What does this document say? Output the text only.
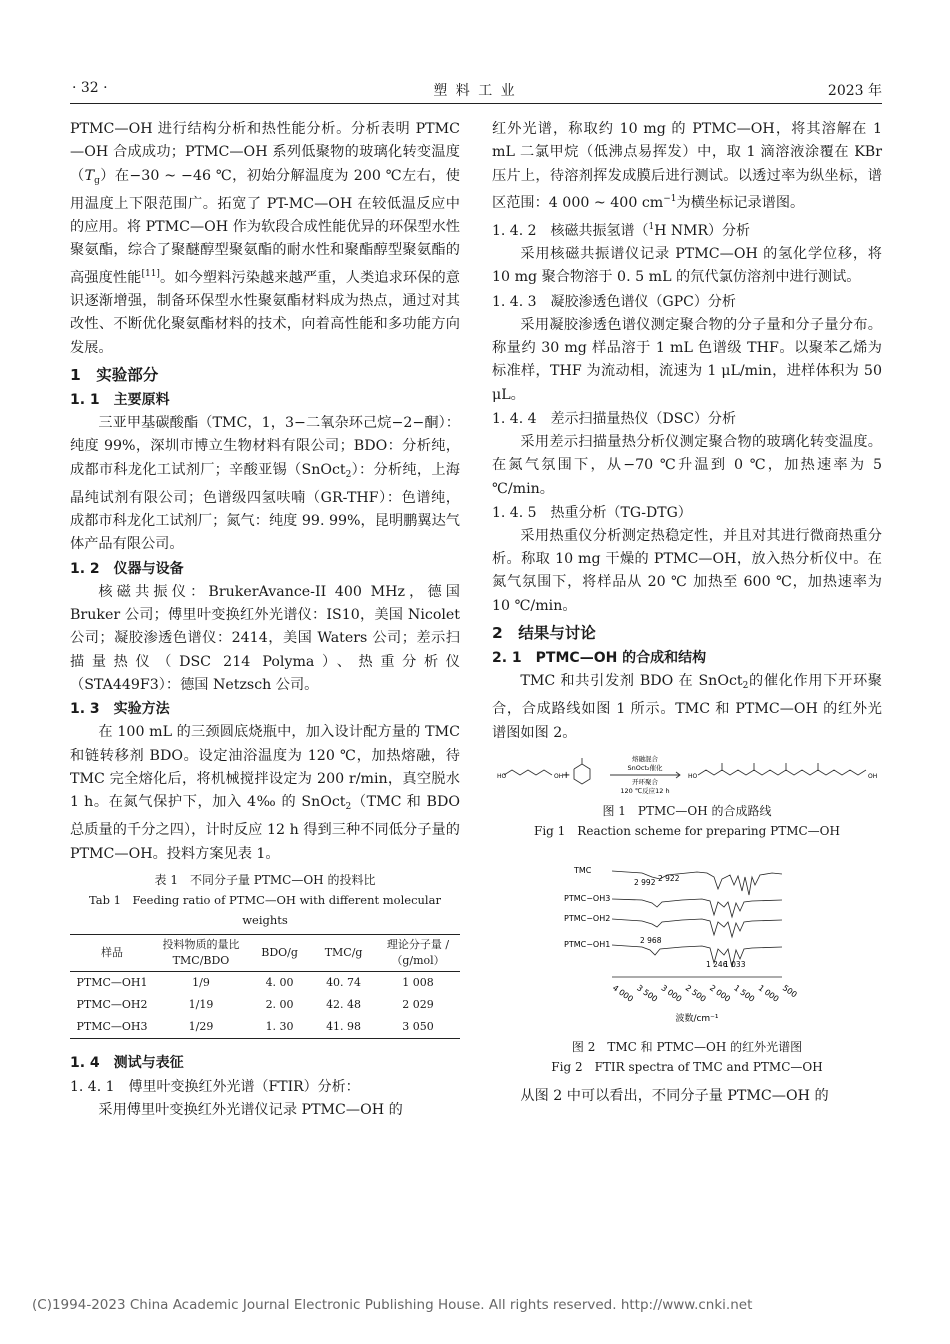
· 32 ·	塑 料 工 业	2023 年

PTMC—OH 进行结构分析和热性能分析。分析表明 PTMC—OH 合成成功；PTMC—OH 系列低聚物的玻璃化转变温度$(T_g)$在−30 ~ −46 ℃，初始分解温度为 200 ℃左右，使用温度上下限范围广。拓宽了 PT-MC—OH 在较低温反应中的应用。将 PTMC—OH 作为软段合成性能优异的环保型水性聚氨酯，综合了聚醚醇型聚氨酯的耐水性和聚酯醇型聚氨酯的高强度性能[11]。如今塑料污染越来越严重，人类追求环保的意识逐渐增强，制备环保型水性聚氨酯材料成为热点，通过对其改性、不断优化聚氨酯材料的技术，向着高性能和多功能方向发展。

1　实验部分
1. 1　主要原料

三亚甲基碳酸酯（TMC，1，3−二氧杂环己烷−2−酮）：纯度 99%，深圳市博立生物材料有限公司；BDO：分析纯，成都市科龙化工试剂厂；辛酸亚锡（SnOct$_2$）：分析纯，上海晶纯试剂有限公司；色谱级四氢呋喃（GR-THF）：色谱纯，成都市科龙化工试剂厂；氮气：纯度 99. 99%，昆明鹏翼达气体产品有限公司。

1. 2　仪器与设备

核磁共振仪：BrukerAvance-II 400 MHz，德国 Bruker 公司；傅里叶变换红外光谱仪：IS10，美国 Nicolet 公司；凝胶渗透色谱仪：2414，美国 Waters 公司；差示扫描量热仪（DSC 214 Polyma）、热重分析仪（STA449F3）：德国 Netzsch 公司。

1. 3　实验方法

在 100 mL 的三颈圆底烧瓶中，加入设计配方量的 TMC 和链转移剂 BDO。设定油浴温度为 120 ℃，加热熔融，待 TMC 完全熔化后，将机械搅拌设定为 200 r/min，真空脱水 1 h。在氮气保护下，加入 4‰ 的 SnOct$_2$（TMC 和 BDO 总质量的千分之四），计时反应 12 h 得到三种不同低分子量的 PTMC—OH。投料方案见表 1。

表 1　不同分子量 PTMC—OH 的投料比
Tab 1　Feeding ratio of PTMC—OH with different molecular weights
样品	投料物质的量比 TMC/BDO	BDO/g	TMC/g	理论分子量 /（g/mol）
PTMC—OH1	1/9	4. 00	40. 74	1 008
PTMC—OH2	1/19	2. 00	42. 48	2 029
PTMC—OH3	1/29	1. 30	41. 98	3 050
1. 4　测试与表征
1. 4. 1　傅里叶变换红外光谱（FTIR）分析：

采用傅里叶变换红外光谱仪记录 PTMC—OH 的

红外光谱，称取约 10 mg 的 PTMC—OH，将其溶解在 1 mL 二氯甲烷（低沸点易挥发）中，取 1 滴溶液涂覆在 KBr 压片上，待溶剂挥发成膜后进行测试。以透过率为纵坐标，谱区范围：4 000 ~ 400 $cm^{-1}$为横坐标记录谱图。

1. 4. 2　核磁共振氢谱（$^1$H NMR）分析

采用核磁共振谱仪记录 PTMC—OH 的氢化学位移，将 10 mg 聚合物溶于 0. 5 mL 的氘代氯仿溶剂中进行测试。

1. 4. 3　凝胶渗透色谱仪（GPC）分析

采用凝胶渗透色谱仪测定聚合物的分子量和分子量分布。称量约 30 mg 样品溶于 1 mL 色谱级 THF。以聚苯乙烯为标准样，THF 为流动相，流速为 1 μL/min，进样体积为 50 μL。

1. 4. 4　差示扫描量热仪（DSC）分析

采用差示扫描量热分析仪测定聚合物的玻璃化转变温度。在氮气氛围下，从−70 ℃升温到 0 ℃，加热速率为 5 ℃/min。

1. 4. 5　热重分析（TG-DTG）

采用热重仪分析测定热稳定性，并且对其进行微商热重分析。称取 10 mg 干燥的 PTMC—OH，放入热分析仪中。在氮气氛围下，将样品从 20 ℃ 加热至 600 ℃，加热速率为 10 ℃/min。

2　结果与讨论
2. 1　PTMC—OH 的合成和结构

TMC 和共引发剂 BDO 在 SnOct$_2$的催化作用下开环聚合，合成路线如图 1 所示。TMC 和 PTMC—OH 的红外光谱图如图 2。

HO	OH
+
熔融混合
SnOct₂催化
开环聚合
120 ℃反应12 h
HO	OH
图 1　PTMC—OH 的合成路线
Fig 1　Reaction scheme for preparing PTMC—OH
波数/cm⁻¹
TMC
PTMC−OH3
PTMC−OH2
PTMC−OH1
2 992 2 922
2 968
1 246
1 033
4 000 3 500 3 000 2 500 2 000 1 500 1 000 500
图 2　TMC 和 PTMC—OH 的红外光谱图
Fig 2　FTIR spectra of TMC and PTMC—OH

从图 2 中可以看出，不同分子量 PTMC—OH 的

(C)1994-2023 China Academic Journal Electronic Publishing House. All rights reserved. http://www.cnki.net
